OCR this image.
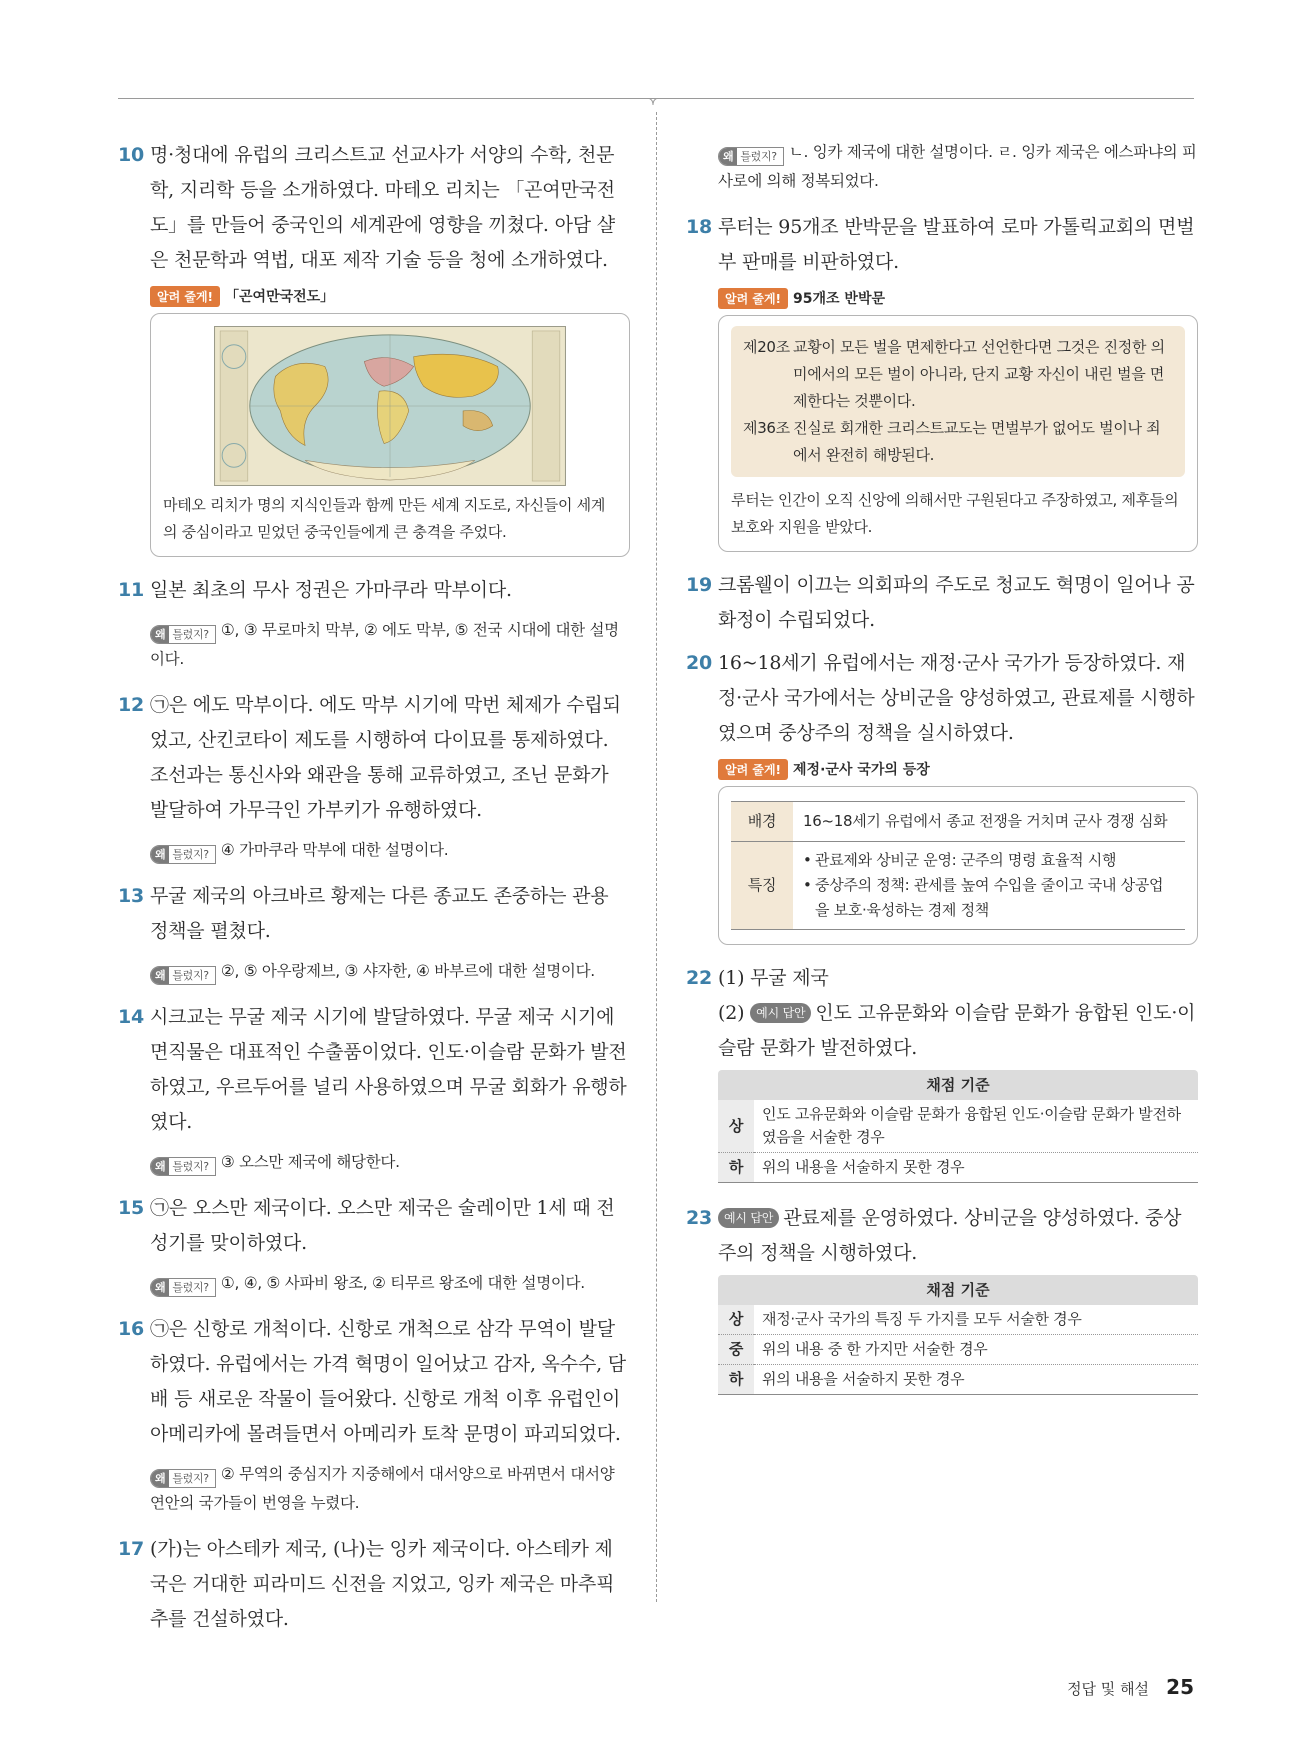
10 명·청대에 유럽의 크리스트교 선교사가 서양의 수학, 천문학, 지리학 등을 소개하였다. 마테오 리치는 「곤여만국전도」를 만들어 중국인의 세계관에 영향을 끼쳤다. 아담 샬은 천문학과 역법, 대포 제작 기술 등을 청에 소개하였다.
알려 줄게! 「곤여만국전도」
마테오 리치가 명의 지식인들과 함께 만든 세계 지도로, 자신들이 세계의 중심이라고 믿었던 중국인들에게 큰 충격을 주었다.
11 일본 최초의 무사 정권은 가마쿠라 막부이다.
왜 틀렸지? ①, ③ 무로마치 막부, ② 에도 막부, ⑤ 전국 시대에 대한 설명이다.
12 ㉠은 에도 막부이다. 에도 막부 시기에 막번 체제가 수립되었고, 산킨코타이 제도를 시행하여 다이묘를 통제하였다. 조선과는 통신사와 왜관을 통해 교류하였고, 조닌 문화가 발달하여 가무극인 가부키가 유행하였다.
왜 틀렸지? ④ 가마쿠라 막부에 대한 설명이다.
13 무굴 제국의 아크바르 황제는 다른 종교도 존중하는 관용 정책을 펼쳤다.
왜 틀렸지? ②, ⑤ 아우랑제브, ③ 샤자한, ④ 바부르에 대한 설명이다.
14 시크교는 무굴 제국 시기에 발달하였다. 무굴 제국 시기에 면직물은 대표적인 수출품이었다. 인도·이슬람 문화가 발전하였고, 우르두어를 널리 사용하였으며 무굴 회화가 유행하였다.
왜 틀렸지? ③ 오스만 제국에 해당한다.
15 ㉠은 오스만 제국이다. 오스만 제국은 술레이만 1세 때 전성기를 맞이하였다.
왜 틀렸지? ①, ④, ⑤ 사파비 왕조, ② 티무르 왕조에 대한 설명이다.
16 ㉠은 신항로 개척이다. 신항로 개척으로 삼각 무역이 발달하였다. 유럽에서는 가격 혁명이 일어났고 감자, 옥수수, 담배 등 새로운 작물이 들어왔다. 신항로 개척 이후 유럽인이 아메리카에 몰려들면서 아메리카 토착 문명이 파괴되었다.
왜 틀렸지? ② 무역의 중심지가 지중해에서 대서양으로 바뀌면서 대서양 연안의 국가들이 번영을 누렸다.
17 (가)는 아스테카 제국, (나)는 잉카 제국이다. 아스테카 제국은 거대한 피라미드 신전을 지었고, 잉카 제국은 마추픽추를 건설하였다.
왜 틀렸지? ㄴ. 잉카 제국에 대한 설명이다. ㄹ. 잉카 제국은 에스파냐의 피사로에 의해 정복되었다.
18 루터는 95개조 반박문을 발표하여 로마 가톨릭교회의 면벌부 판매를 비판하였다.
알려 줄게! 95개조 반박문
제20조 교황이 모든 벌을 면제한다고 선언한다면 그것은 진정한 의미에서의 모든 벌이 아니라, 단지 교황 자신이 내린 벌을 면제한다는 것뿐이다.
제36조 진실로 회개한 크리스트교도는 면벌부가 없어도 벌이나 죄에서 완전히 해방된다.
루터는 인간이 오직 신앙에 의해서만 구원된다고 주장하였고, 제후들의 보호와 지원을 받았다.
19 크롬웰이 이끄는 의회파의 주도로 청교도 혁명이 일어나 공화정이 수립되었다.
20 16~18세기 유럽에서는 재정·군사 국가가 등장하였다. 재정·군사 국가에서는 상비군을 양성하였고, 관료제를 시행하였으며 중상주의 정책을 실시하였다.
알려 줄게! 제정·군사 국가의 등장
배경	16~18세기 유럽에서 종교 전쟁을 거치며 군사 경쟁 심화
특징	• 관료제와 상비군 운영: 군주의 명령 효율적 시행
• 중상주의 정책: 관세를 높여 수입을 줄이고 국내 상공업을 보호·육성하는 경제 정책
22 (1) 무굴 제국
(2) 예시 답안 인도 고유문화와 이슬람 문화가 융합된 인도·이슬람 문화가 발전하였다.
채점 기준
상	인도 고유문화와 이슬람 문화가 융합된 인도·이슬람 문화가 발전하였음을 서술한 경우
하	위의 내용을 서술하지 못한 경우
23 예시 답안 관료제를 운영하였다. 상비군을 양성하였다. 중상주의 정책을 시행하였다.
채점 기준
상	재정·군사 국가의 특징 두 가지를 모두 서술한 경우
중	위의 내용 중 한 가지만 서술한 경우
하	위의 내용을 서술하지 못한 경우
정답 및 해설 25
